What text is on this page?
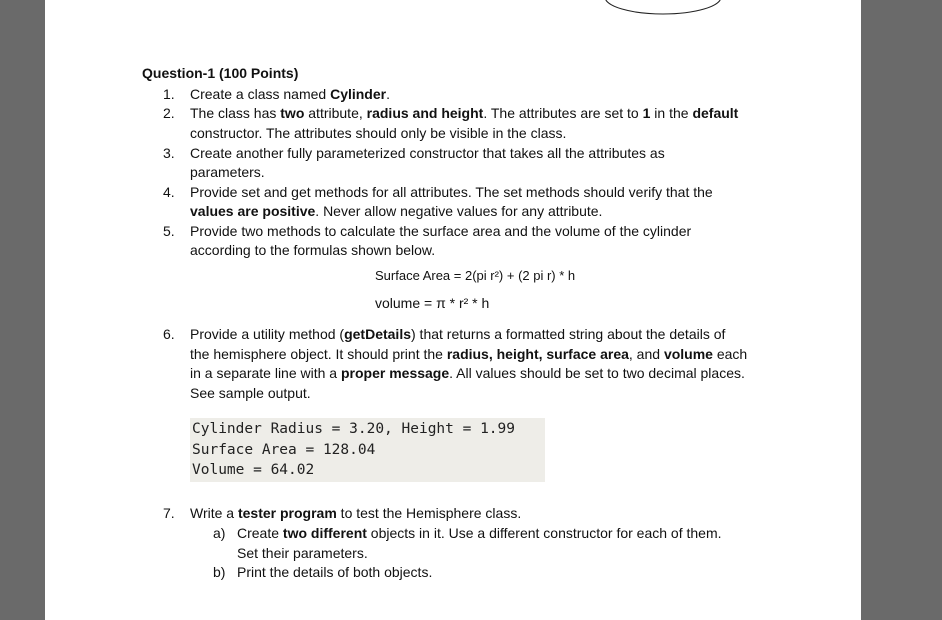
Question-1 (100 Points)
1. Create a class named Cylinder.
2. The class has two attribute, radius and height. The attributes are set to 1 in the default
constructor. The attributes should only be visible in the class.
3. Create another fully parameterized constructor that takes all the attributes as
parameters.
4. Provide set and get methods for all attributes. The set methods should verify that the
values are positive. Never allow negative values for any attribute.
5. Provide two methods to calculate the surface area and the volume of the cylinder
according to the formulas shown below.
Surface Area = 2(pi r²) + (2 pi r) * h
volume = π * r² * h
6. Provide a utility method (getDetails) that returns a formatted string about the details of
the hemisphere object. It should print the radius, height, surface area, and volume each
in a separate line with a proper message. All values should be set to two decimal places.
See sample output.
Cylinder Radius = 3.20, Height = 1.99
Surface Area = 128.04
Volume = 64.02
7. Write a tester program to test the Hemisphere class.
a) Create two different objects in it. Use a different constructor for each of them.
Set their parameters.
b) Print the details of both objects.
